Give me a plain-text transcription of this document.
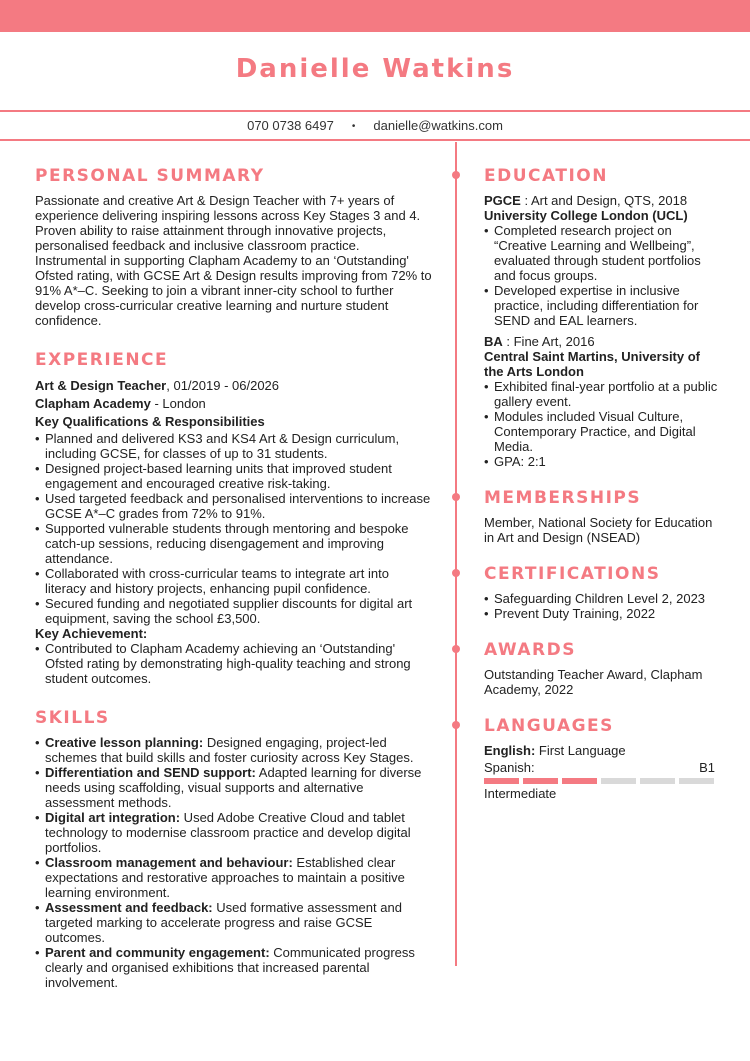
Danielle Watkins
070 0738 6497 • danielle@watkins.com
PERSONAL SUMMARY

Passionate and creative Art & Design Teacher with 7+ years of experience delivering inspiring lessons across Key Stages 3 and 4. Proven ability to raise attainment through innovative projects, personalised feedback and inclusive classroom practice. Instrumental in supporting Clapham Academy to an ‘Outstanding' Ofsted rating, with GCSE Art & Design results improving from 72% to 91% A*–C. Seeking to join a vibrant inner-city school to further develop cross-curricular creative learning and nurture student confidence.

EXPERIENCE
Art & Design Teacher, 01/2019 - 06/2026
Clapham Academy - London
Key Qualifications & Responsibilities
• Planned and delivered KS3 and KS4 Art & Design curriculum, including GCSE, for classes of up to 31 students.
• Designed project-based learning units that improved student engagement and encouraged creative risk-taking.
• Used targeted feedback and personalised interventions to increase GCSE A*–C grades from 72% to 91%.
• Supported vulnerable students through mentoring and bespoke catch-up sessions, reducing disengagement and improving attendance.
• Collaborated with cross-curricular teams to integrate art into literacy and history projects, enhancing pupil confidence.
• Secured funding and negotiated supplier discounts for digital art equipment, saving the school £3,500.
Key Achievement:
• Contributed to Clapham Academy achieving an ‘Outstanding' Ofsted rating by demonstrating high-quality teaching and strong student outcomes.
SKILLS
• Creative lesson planning: Designed engaging, project-led schemes that build skills and foster curiosity across Key Stages.
• Differentiation and SEND support: Adapted learning for diverse needs using scaffolding, visual supports and alternative assessment methods.
• Digital art integration: Used Adobe Creative Cloud and tablet technology to modernise classroom practice and develop digital portfolios.
• Classroom management and behaviour: Established clear expectations and restorative approaches to maintain a positive learning environment.
• Assessment and feedback: Used formative assessment and targeted marking to accelerate progress and raise GCSE outcomes.
• Parent and community engagement: Communicated progress clearly and organised exhibitions that increased parental involvement.
EDUCATION
PGCE : Art and Design, QTS, 2018
University College London (UCL)
• Completed research project on “Creative Learning and Wellbeing”, evaluated through student portfolios and focus groups.
• Developed expertise in inclusive practice, including differentiation for SEND and EAL learners.
BA : Fine Art, 2016
Central Saint Martins, University of the Arts London
• Exhibited final-year portfolio at a public gallery event.
• Modules included Visual Culture, Contemporary Practice, and Digital Media.
• GPA: 2:1
MEMBERSHIPS

Member, National Society for Education in Art and Design (NSEAD)

CERTIFICATIONS
• Safeguarding Children Level 2, 2023
• Prevent Duty Training, 2022
AWARDS

Outstanding Teacher Award, Clapham Academy, 2022

LANGUAGES
English: First Language
Spanish:	B1
Intermediate
